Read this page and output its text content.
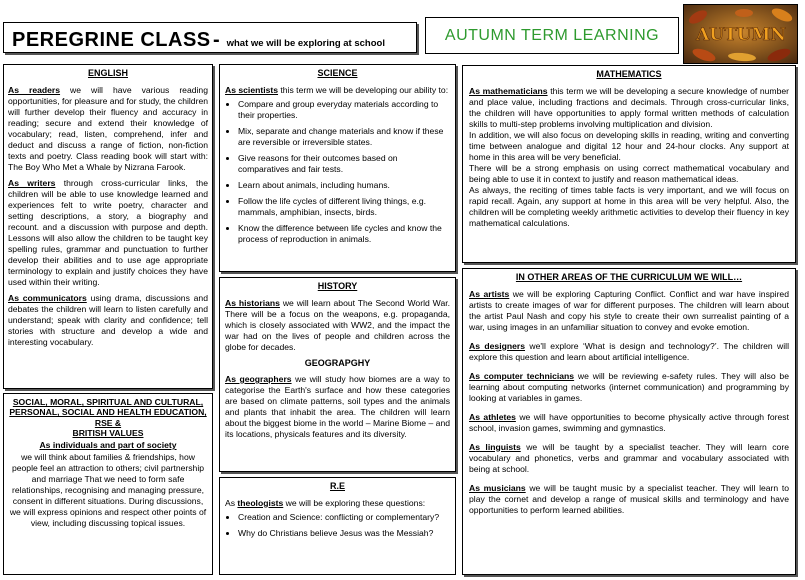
PEREGRINE CLASS - what we will be exploring at school	AUTUMN TERM LEARNING	AUTUMN
ENGLISH

As readers we will have various reading opportunities, for pleasure and for study, the children will further develop their fluency and accuracy in reading; secure and extend their knowledge of vocabulary; read, listen, comprehend, infer and deduct and discuss a range of fiction, non-fiction texts and poetry. Class reading book will start with: The Boy Who Met a Whale by Nizrana Farook.

As writers through cross-curricular links, the children will be able to use knowledge learned and experiences felt to write poetry, character and setting descriptions, a story, a biography and recount. and a discussion with purpose and depth. Lessons will also allow the children to be taught key spelling rules, grammar and punctuation to further develop their abilities and to use age appropriate terminology to explain and justify choices they have used within their writing.

As communicators using drama, discussions and debates the children will learn to listen carefully and understand; speak with clarity and confidence; tell stories with structure and develop a wide and interesting vocabulary.

SOCIAL, MORAL, SPIRITUAL AND CULTURAL,
PERSONAL, SOCIAL AND HEALTH EDUCATION, RSE &
BRITISH VALUES
As individuals and part of society

we will think about families & friendships, how people feel an attraction to others; civil partnership and marriage That we need to form safe relationships, recognising and managing pressure, consent in different situations. During discussions, we will express opinions and respect other points of view, including discussing topical issues.

SCIENCE

As scientists this term we will be developing our ability to:

• Compare and group everyday materials according to their properties.
• Mix, separate and change materials and know if these are reversible or irreversible states.
• Give reasons for their outcomes based on comparatives and fair tests.
• Learn about animals, including humans.
• Follow the life cycles of different living things, e.g. mammals, amphibian, insects, birds.
• Know the difference between life cycles and know the process of reproduction in animals.
HISTORY

As historians we will learn about The Second World War. There will be a focus on the weapons, e.g. propaganda, which is closely associated with WW2, and the impact the war had on the lives of people and children across the globe for decades.

GEOGRAPGHY

As geographers we will study how biomes are a way to categorise the Earth's surface and how these categories are based on climate patterns, soil types and the animals and plants that inhabit the area. The children will learn about the biggest biome in the world – Marine Biome – and its locations, physicals features and its diversity.

R.E

As theologists we will be exploring these questions:

• Creation and Science: conflicting or complementary?
• Why do Christians believe Jesus was the Messiah?
MATHEMATICS

As mathematicians this term we will be developing a secure knowledge of number and place value, including fractions and decimals. Through cross-curricular links, the children will have opportunities to apply formal written methods of calculation skills to multi-step problems involving multiplication and division.

In addition, we will also focus on developing skills in reading, writing and converting time between analogue and digital 12 hour and 24-hour clocks. Any support at home in this area will be very beneficial.

There will be a strong emphasis on using correct mathematical vocabulary and being able to use it in context to justify and reason mathematical ideas.

As always, the reciting of times table facts is very important, and we will focus on rapid recall. Again, any support at home in this area will be very helpful. Also, the children will be completing weekly arithmetic activities to develop their fluency in key mathematical calculations.

IN OTHER AREAS OF THE CURRICULUM WE WILL…

As artists we will be exploring Capturing Conflict. Conflict and war have inspired artists to create images of war for different purposes. The children will learn about the artist Paul Nash and copy his style to create their own surrealist painting of a war, using images in an unfamiliar situation to convey and evoke emotion.

As designers we'll explore ‘What is design and technology?’. The children will explore this question and learn about artificial intelligence.

As computer technicians we will be reviewing e-safety rules. They will also be learning about computing networks (internet communication) and programming by looking at variables in games.

As athletes we will have opportunities to become physically active through forest school, invasion games, swimming and gymnastics.

As linguists we will be taught by a specialist teacher. They will learn core vocabulary and phonetics, verbs and grammar and vocabulary associated with being at school.

As musicians we will be taught music by a specialist teacher. They will learn to play the cornet and develop a range of musical skills and terminology and have opportunities to perform learned abilities.
